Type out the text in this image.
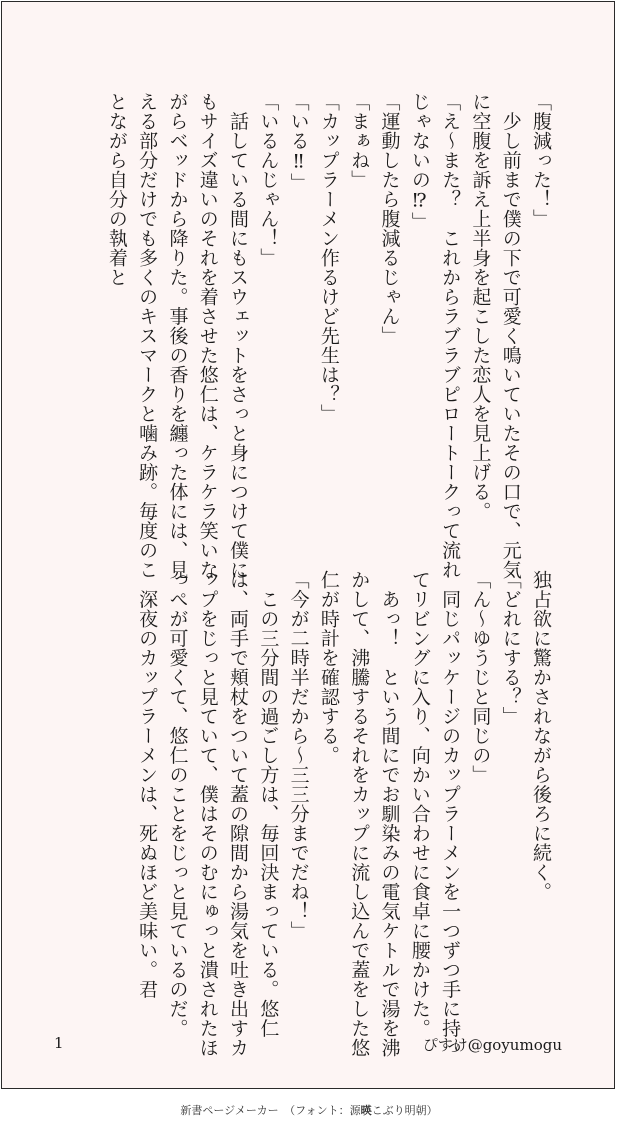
「腹減った！」

　少し前まで僕の下で可愛く鳴いていたその口で、元気に空腹を訴え上半身を起こした恋人を見上げる。

「え〜また？　これからラブラブピロートークって流れじゃないの⁉」

「運動したら腹減るじゃん」

「まぁね」

「カップラーメン作るけど先生は？」

「いる‼」

「いるんじゃん！」

　話している間にもスウェットをさっと身につけて僕にもサイズ違いのそれを着させた悠仁は、ケラケラ笑いながらベッドから降りた。事後の香りを纏った体には、見える部分だけでも多くのキスマークと噛み跡。毎度のことながら自分の執着と

独占欲に驚かされながら後ろに続く。

「どれにする？」

「ん〜ゆうじと同じの」

　同じパッケージのカップラーメンを一つずつ手に持ってリビングに入り、向かい合わせに食卓に腰かけた。

　あっ！　という間にでお馴染みの電気ケトルで湯を沸かして、沸騰するそれをカップに流し込んで蓋をした悠仁が時計を確認する。

「今が二時半だから〜三三分までだね！」

　この三分間の過ごし方は、毎回決まっている。悠仁は、両手で頬杖をついて蓋の隙間から湯気を吐き出すカップをじっと見ていて、僕はそのむにゅっと潰されたほっぺが可愛くて、悠仁のことをじっと見ているのだ。

　深夜のカップラーメンは、死ぬほど美味い。君

1	ぴすけ@goyumogu
新書ページメーカー　（フォント：源暎こぶり明朝）
